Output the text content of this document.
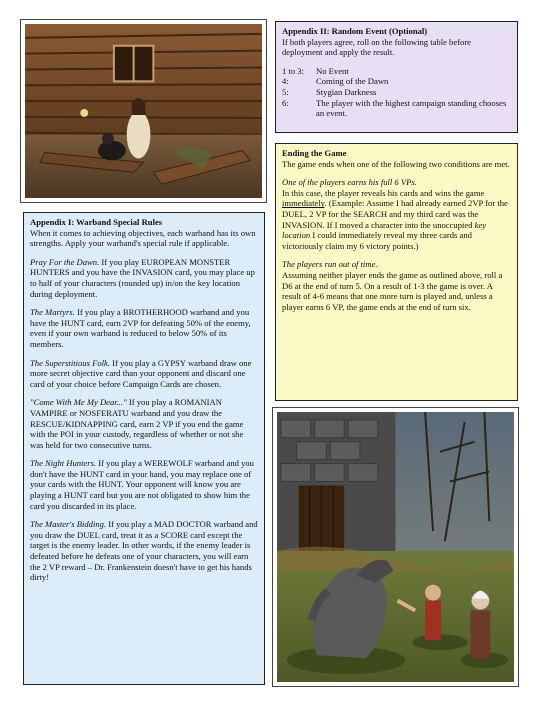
Appendix II: Random Event (Optional)

If both players agree, roll on the following table before deployment and apply the result.

1 to 3:	No Event
4:	Coming of the Dawn
5:	Stygian Darkness
6:	The player with the highest campaign standing chooses an event.
Ending the Game

The game ends when one of the following two conditions are met.

One of the players earns his full 6 VPs.
In this case, the player reveals his cards and wins the game immediately. (Example: Assume I had already earned 2VP for the DUEL, 2 VP for the SEARCH and my third card was the INVASION. If I moved a character into the unoccupied key location I could immediately reveal my three cards and victoriously claim my 6 victory points.)

The players run out of time.
Assuming neither player ends the game as outlined above, roll a D6 at the end of turn 5. On a result of 1-3 the game is over. A result of 4-6 means that one more turn is played and, unless a player earns 6 VP, the game ends at the end of turn six.

Appendix I: Warband Special Rules

When it comes to achieving objectives, each warband has its own strengths. Apply your warband's special rule if applicable.

Pray For the Dawn. If you play EUROPEAN MONSTER HUNTERS and you have the INVASION card, you may place up to half of your characters (rounded up) in/on the key location during deployment.

The Martyrs. If you play a BROTHERHOOD warband and you have the HUNT card, earn 2VP for defeating 50% of the enemy, even if your own warband is reduced to below 50% of its members.

The Superstitious Folk. If you play a GYPSY warband draw one more secret objective card than your opponent and discard one card of your choice before Campaign Cards are chosen.

"Come With Me My Dear..." If you play a ROMANIAN VAMPIRE or NOSFERATU warband and you draw the RESCUE/KIDNAPPING card, earn 2 VP if you end the game with the POI in your custody, regardless of whether or not she was held for two consecutive turns.

The Night Hunters. If you play a WEREWOLF warband and you don't have the HUNT card in your hand, you may replace one of your cards with the HUNT. Your opponent will know you are playing a HUNT card but you are not obligated to show him the card you discarded in its place.

The Master's Bidding. If you play a MAD DOCTOR warband and you draw the DUEL card, treat it as a SCORE card except the target is the enemy leader. In other words, if the enemy leader is defeated before he defeats one of your characters, you will earn the 2 VP reward – Dr. Frankenstein doesn't have to get his hands dirty!
